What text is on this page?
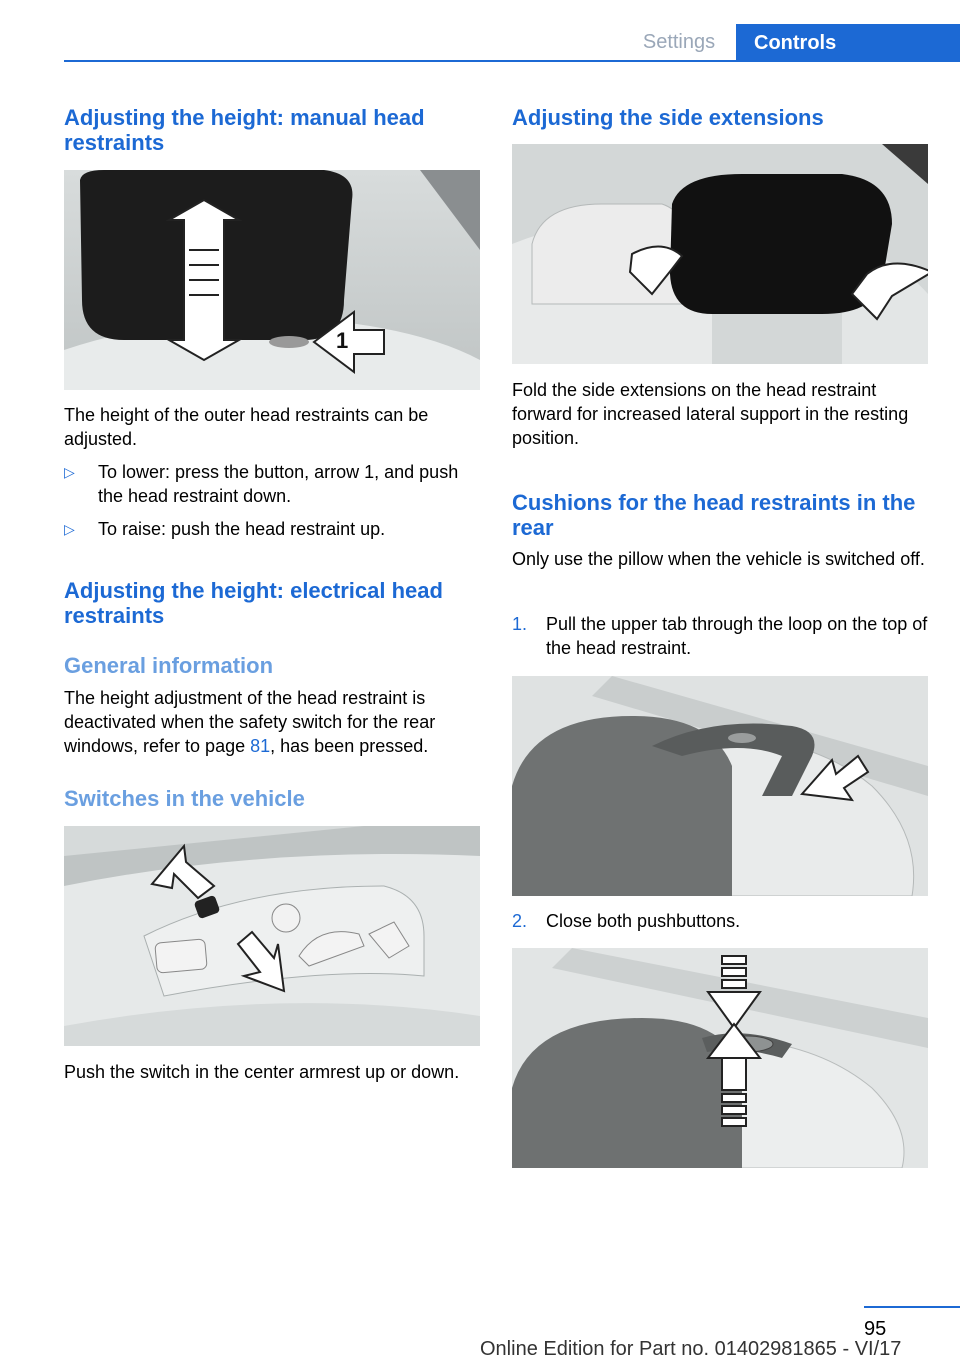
Settings	Controls
Adjusting the height: manual head restraints
1

The height of the outer head restraints can be adjusted.

▷ To lower: press the button, arrow 1, and push the head restraint down.
▷ To raise: push the head restraint up.
Adjusting the height: electrical head restraints
General information

The height adjustment of the head restraint is deactivated when the safety switch for the rear windows, refer to page 81, has been pressed.

Switches in the vehicle

Push the switch in the center armrest up or down.

Adjusting the side extensions

Fold the side extensions on the head restraint forward for increased lateral support in the resting position.

Cushions for the head restraints in the rear

Only use the pillow when the vehicle is switched off.

1. Pull the upper tab through the loop on the top of the head restraint.
2. Close both pushbuttons.
95
Online Edition for Part no. 01402981865 - VI/17
